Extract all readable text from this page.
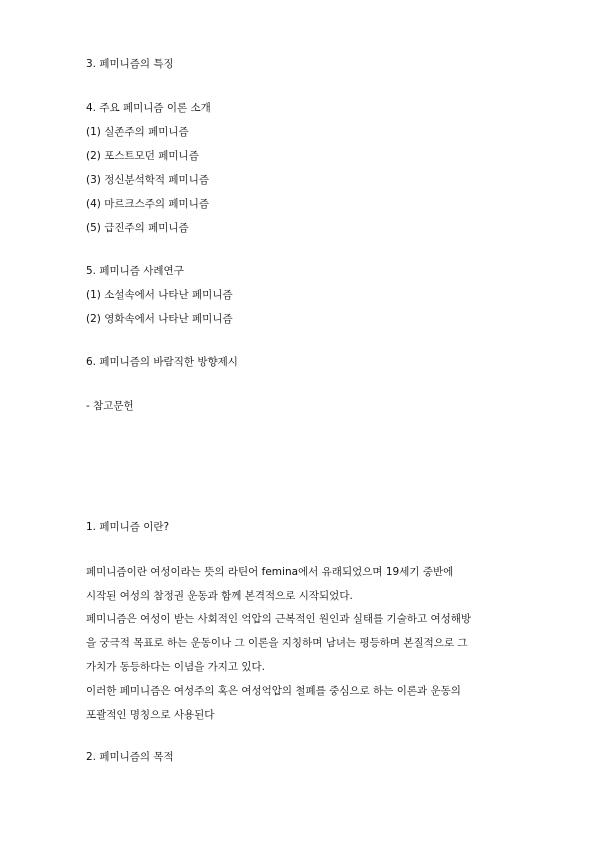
3. 페미니즘의 특징
4. 주요 페미니즘 이론 소개
(1) 실존주의 페미니즘
(2) 포스트모던 페미니즘
(3) 정신분석학적 페미니즘
(4) 마르크스주의 페미니즘
(5) 급진주의 페미니즘
5. 페미니즘 사례연구
(1) 소설속에서 나타난 페미니즘
(2) 영화속에서 나타난 페미니즘
6. 페미니즘의 바람직한 방향제시
- 참고문헌
1. 페미니즘 이란?
페미니즘이란 여성이라는 뜻의 라틴어 femina에서 유래되었으며 19세기 중반에
시작된 여성의 참정권 운동과 함께 본격적으로 시작되었다.
페미니즘은 여성이 받는 사회적인 억압의 근복적인 원인과 실태를 기술하고 여성해방
을 궁극적 목표로 하는 운동이나 그 이론을 지칭하며 남녀는 평등하며 본질적으로 그
가치가 동등하다는 이념을 가지고 있다.
이러한 페미니즘은 여성주의 혹은 여성억압의 철폐를 중심으로 하는 이론과 운동의
포괄적인 명칭으로 사용된다
2. 페미니즘의 목적
